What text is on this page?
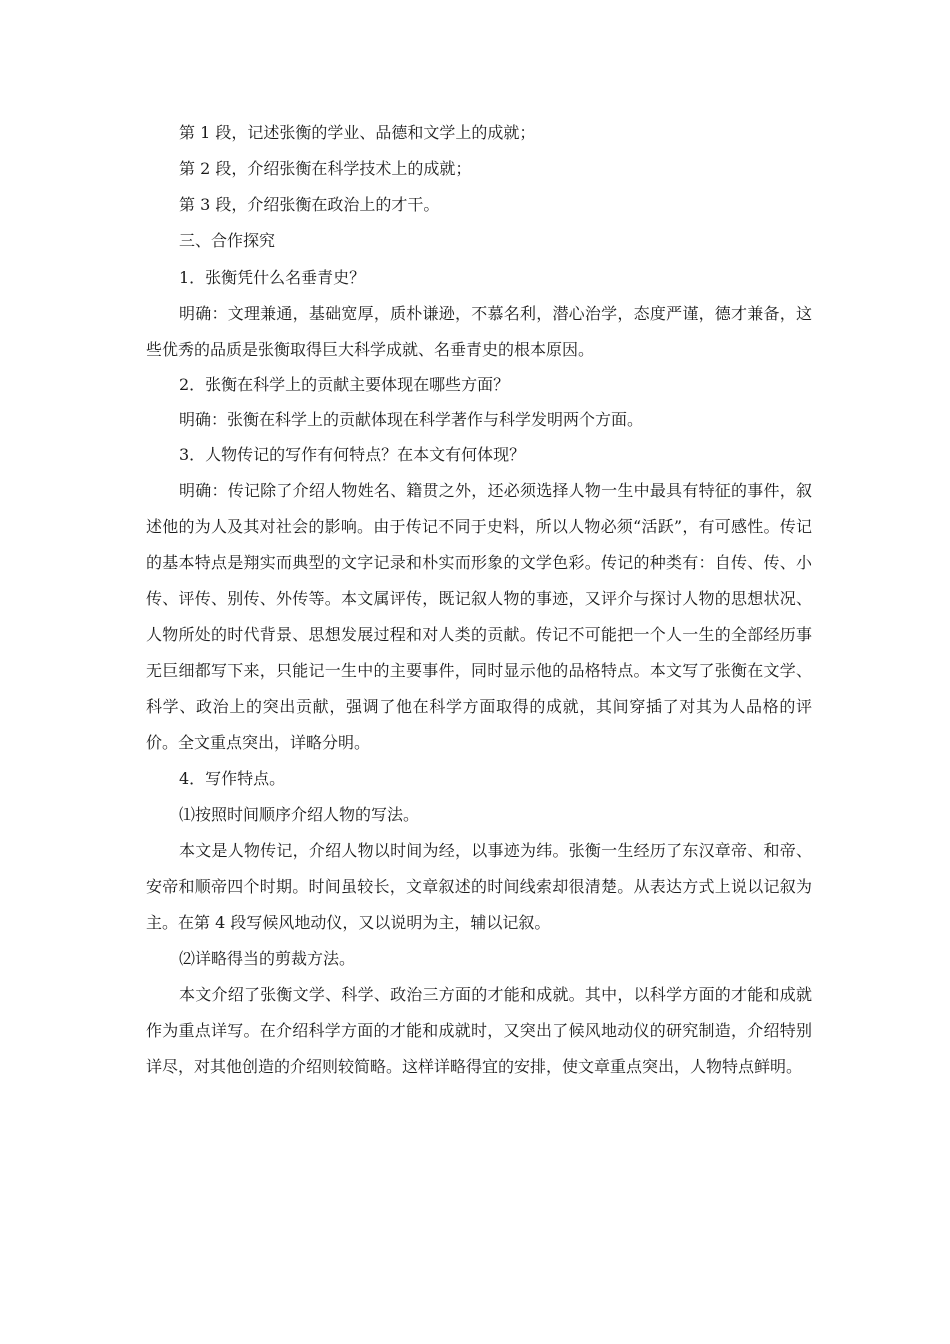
第 1 段，记述张衡的学业、品德和文学上的成就；

第 2 段，介绍张衡在科学技术上的成就；

第 3 段，介绍张衡在政治上的才干。

三、合作探究

1．张衡凭什么名垂青史？

明确：文理兼通，基础宽厚，质朴谦逊，不慕名利，潜心治学，态度严谨，德才兼备，这些优秀的品质是张衡取得巨大科学成就、名垂青史的根本原因。

2．张衡在科学上的贡献主要体现在哪些方面？

明确：张衡在科学上的贡献体现在科学著作与科学发明两个方面。

3．人物传记的写作有何特点？在本文有何体现？

明确：传记除了介绍人物姓名、籍贯之外，还必须选择人物一生中最具有特征的事件，叙述他的为人及其对社会的影响。由于传记不同于史料，所以人物必须“活跃”，有可感性。传记的基本特点是翔实而典型的文字记录和朴实而形象的文学色彩。传记的种类有：自传、传、小传、评传、别传、外传等。本文属评传，既记叙人物的事迹，又评介与探讨人物的思想状况、人物所处的时代背景、思想发展过程和对人类的贡献。传记不可能把一个人一生的全部经历事无巨细都写下来，只能记一生中的主要事件，同时显示他的品格特点。本文写了张衡在文学、科学、政治上的突出贡献，强调了他在科学方面取得的成就，其间穿插了对其为人品格的评价。全文重点突出，详略分明。

4．写作特点。

⑴按照时间顺序介绍人物的写法。

本文是人物传记，介绍人物以时间为经，以事迹为纬。张衡一生经历了东汉章帝、和帝、安帝和顺帝四个时期。时间虽较长，文章叙述的时间线索却很清楚。从表达方式上说以记叙为主。在第 4 段写候风地动仪，又以说明为主，辅以记叙。

⑵详略得当的剪裁方法。

本文介绍了张衡文学、科学、政治三方面的才能和成就。其中，以科学方面的才能和成就作为重点详写。在介绍科学方面的才能和成就时，又突出了候风地动仪的研究制造，介绍特别详尽，对其他创造的介绍则较简略。这样详略得宜的安排，使文章重点突出，人物特点鲜明。
